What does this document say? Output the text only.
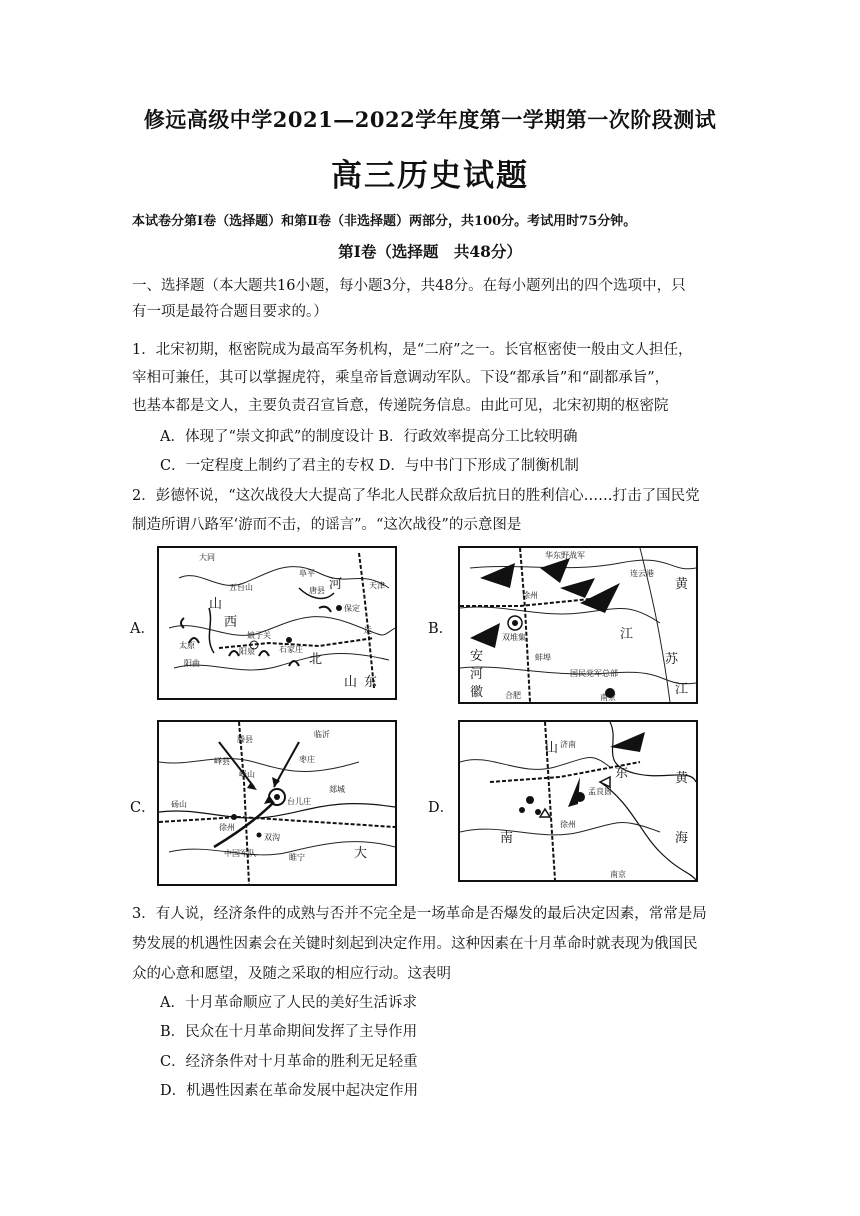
修远高级中学2021—2022学年度第一学期第一次阶段测试
高三历史试题
本试卷分第Ⅰ卷（选择题）和第Ⅱ卷（非选择题）两部分，共100分。考试用时75分钟。
第Ⅰ卷（选择题　共48分）
一、选择题（本大题共16小题，每小题3分，共48分。在每小题列出的四个选项中，只
有一项是最符合题目要求的。）
1．北宋初期，枢密院成为最高军务机构，是“二府”之一。长官枢密使一般由文人担任，
宰相可兼任，其可以掌握虎符，乘皇帝旨意调动军队。下设“都承旨”和“副都承旨”，
也基本都是文人，主要负责召宣旨意，传递院务信息。由此可见，北宋初期的枢密院
A．体现了“崇文抑武”的制度设计 B．行政效率提高分工比较明确
C．一定程度上制约了君主的专权 D．与中书门下形成了制衡机制
2．彭德怀说，“这次战役大大提高了华北人民群众敌后抗日的胜利信心……打击了国民党
制造所谓八路军‘游而不击，的谣言”。“这次战役”的示意图是
A．	B．
C．	D．
大同
山
西
五台山
阜平
河	天津
唐县
保定
太原
阳泉
娘子关
石家庄
北
运
山 东
阳曲
华东野战军
连云港
黄
徐州
双堆集	江
安
河
蚌埠	苏
国民党军总部
徽	合肥	南京
江
滕县
临沂
峄县	枣庄
峄山
郯城
砀山
徐州
台儿庄
双沟
中国军队	睢宁	大
山 济南
东	黄
孟良崮
南
徐州
海
南京
3．有人说，经济条件的成熟与否并不完全是一场革命是否爆发的最后决定因素，常常是局
势发展的机遇性因素会在关键时刻起到决定作用。这种因素在十月革命时就表现为俄国民
众的心意和愿望，及随之采取的相应行动。这表明
A．十月革命顺应了人民的美好生活诉求
B．民众在十月革命期间发挥了主导作用
C．经济条件对十月革命的胜利无足轻重
D．机遇性因素在革命发展中起决定作用
